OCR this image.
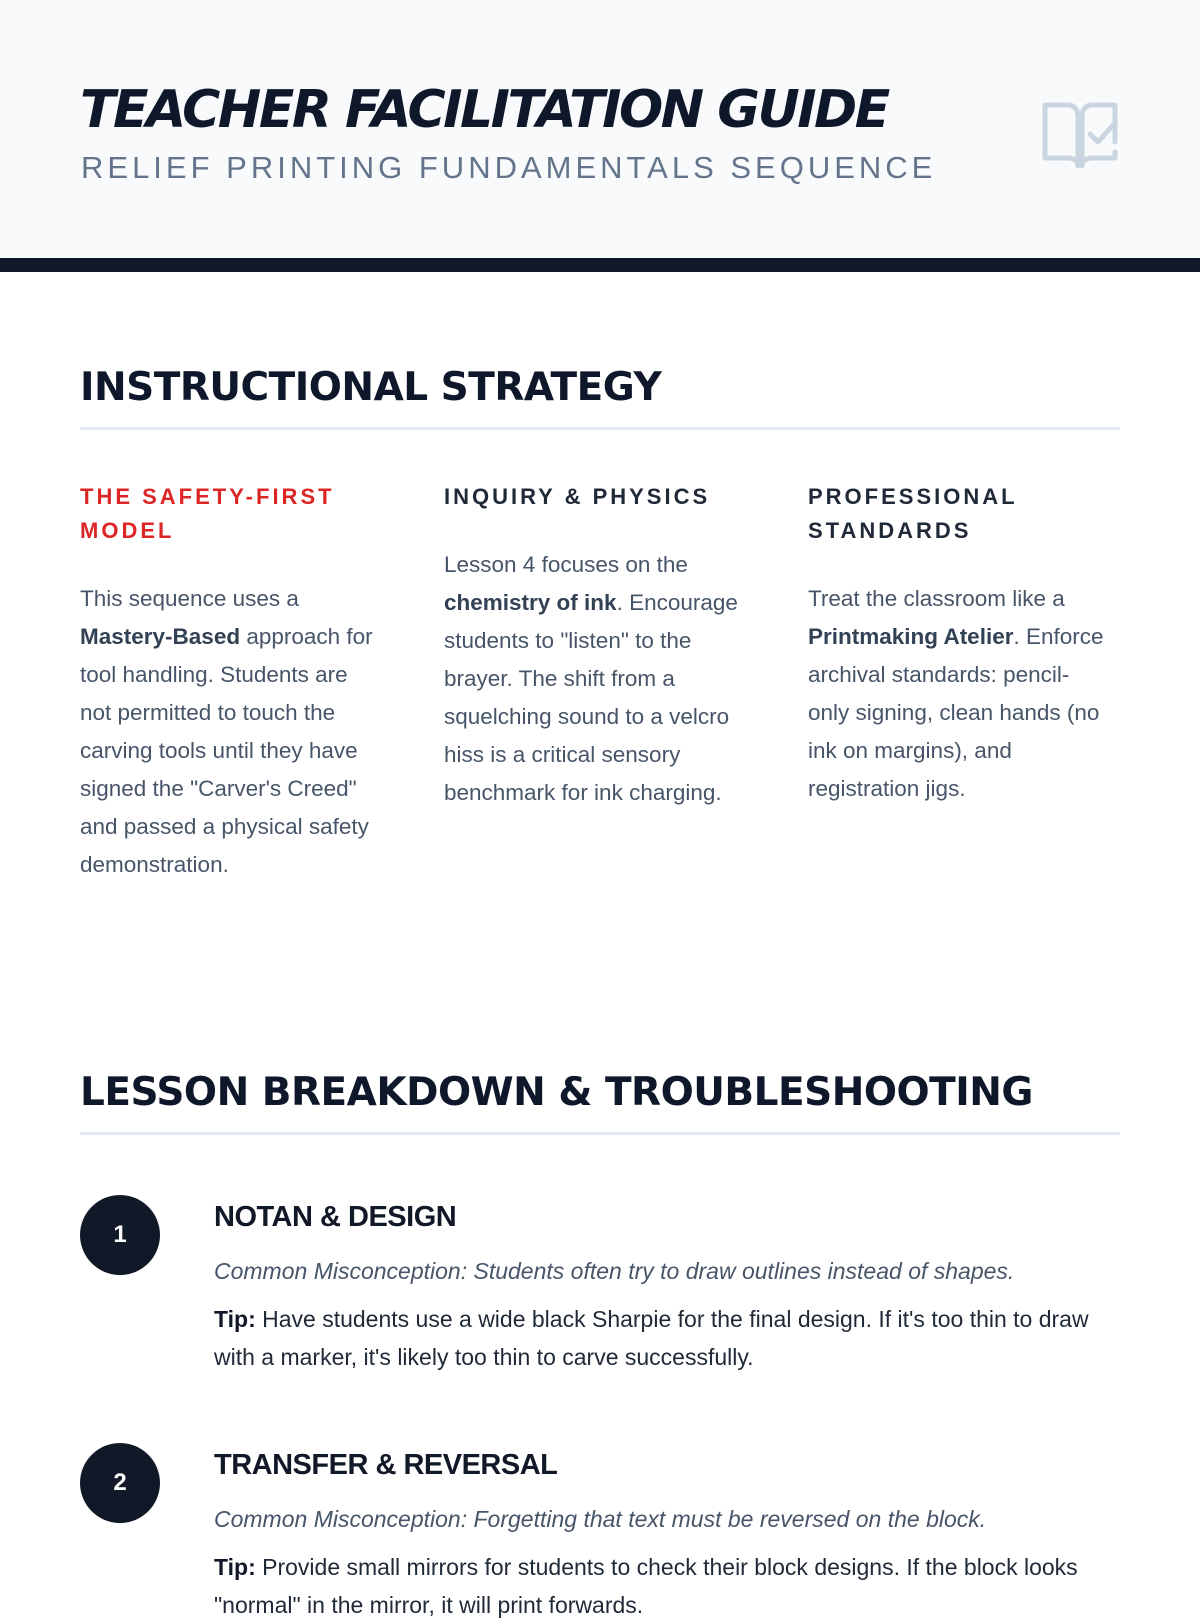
TEACHER FACILITATION GUIDE
RELIEF PRINTING FUNDAMENTALS SEQUENCE
INSTRUCTIONAL STRATEGY
THE SAFETY-FIRST MODEL

This sequence uses a Mastery-Based approach for tool handling. Students are not permitted to touch the carving tools until they have signed the "Carver's Creed" and passed a physical safety demonstration.

INQUIRY & PHYSICS

Lesson 4 focuses on the chemistry of ink. Encourage students to "listen" to the brayer. The shift from a squelching sound to a velcro hiss is a critical sensory benchmark for ink charging.

PROFESSIONAL STANDARDS

Treat the classroom like a Printmaking Atelier. Enforce archival standards: pencil-only signing, clean hands (no ink on margins), and registration jigs.

LESSON BREAKDOWN & TROUBLESHOOTING
1
NOTAN & DESIGN

Common Misconception: Students often try to draw outlines instead of shapes.

Tip: Have students use a wide black Sharpie for the final design. If it's too thin to draw with a marker, it's likely too thin to carve successfully.

2
TRANSFER & REVERSAL

Common Misconception: Forgetting that text must be reversed on the block.

Tip: Provide small mirrors for students to check their block designs. If the block looks "normal" in the mirror, it will print forwards.
